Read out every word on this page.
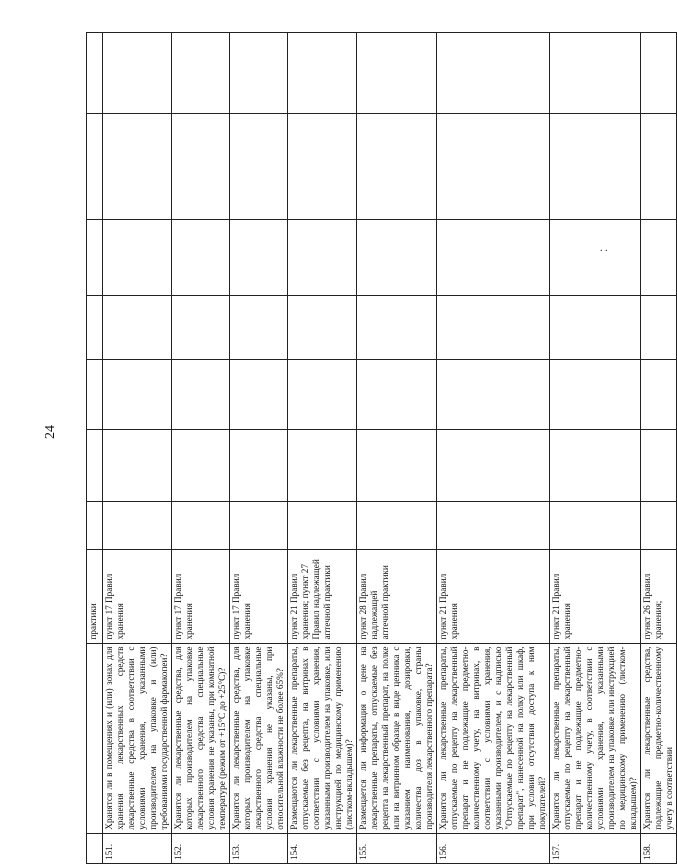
24
. .
		практики							
151.	Хранятся ли в помещениях и (или) зонах для хранения лекарственных средств лекарственные средства в соответствии с условиями хранения, указанными производителем на упаковке и (или) требованиями государственной фармакопеи?	пункт 17 Правил хранения							
152.	Хранятся ли лекарственные средства, для которых производителем на упаковке лекарственного средства специальные условия хранения не указаны, при комнатной температуре (режим от +15°C до +25°C)?	пункт 17 Правил хранения							
153.	Хранятся ли лекарственные средства, для которых производителем на упаковке лекарственного средства специальные условия хранения не указаны, при относительной влажности не более 65%?	пункт 17 Правил хранения							
154.	Размещаются ли лекарственные препараты, отпускаемые без рецепта, на витринах в соответствии с условиями хранения, указанными производителем на упаковке, или инструкцией по медицинскому применению (листком-вкладышем)?	пункт 21 Правил хранения; пункт 27 Правил надлежащей аптечной практики							
155.	Размещается ли информация о цене на лекарственные препараты, отпускаемые без рецепта на лекарственный препарат, на полке или на витринном образце в виде ценника с указанием наименования, дозировки, количества доз в упаковке, страны производителя лекарственного препарата?	пункт 28 Правил надлежащей аптечной практики							
156.	Хранятся ли лекарственные препараты, отпускаемые по рецепту на лекарственный препарат и не подлежащие предметно-количественному учету, на витринах, в соответствии с условиями хранения, указанными производителем, и с надписью "Отпускаемые по рецепту на лекарственный препарат", нанесенной на полку или шкаф, при условии отсутствия доступа к ним покупателей?	пункт 21 Правил хранения							
157.	Хранятся ли лекарственные препараты, отпускаемые по рецепту на лекарственный препарат и не подлежащие предметно-количественному учету, в соответствии с условиями хранения, указанными производителем на упаковке или инструкцией по медицинскому применению (листком-вкладышем)?	пункт 21 Правил хранения							
158.	Хранятся ли лекарственные средства, подлежащие предметно-количественному учету в соответствии	пункт 26 Правил хранения;							
